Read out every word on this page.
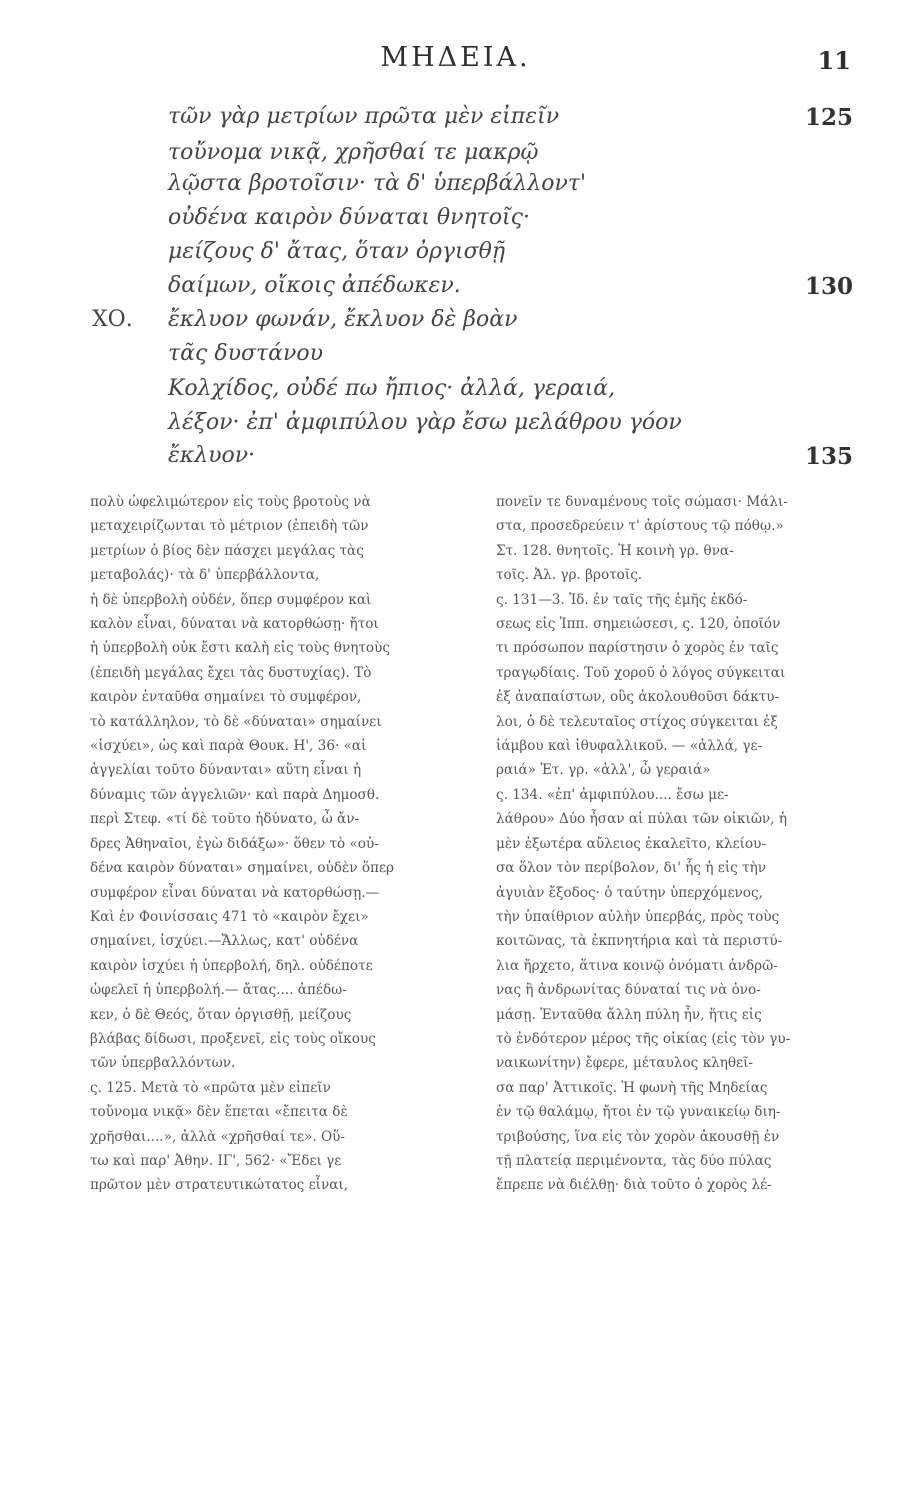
ΜΗΔΕΙΑ.	11
τῶν γὰρ μετρίων πρῶτα μὲν εἰπεῖν
τοὔνομα νικᾷ, χρῆσθαί τε μακρῷ
λῷστα βροτοῖσιν· τὰ δ' ὑπερβάλλοντ'
οὐδένα καιρὸν δύναται θνητοῖς·
μείζους δ' ἄτας, ὅταν ὀργισθῇ
δαίμων, οἴκοις ἀπέδωκεν.
ΧΟ. ἔκλυον φωνάν, ἔκλυον δὲ βοὰν
τᾶς δυστάνου
Κολχίδος, οὐδέ πω ἤπιος· ἀλλά, γεραιά,
λέξον· ἐπ' ἀμφιπύλου γὰρ ἔσω μελάθρου γόον
ἔκλυον·
125
130
135
πολὺ ὠφελιμώτερον εἰς τοὺς βροτοὺς νὰ
μεταχειρίζωνται τὸ μέτριον (ἐπειδὴ τῶν
μετρίων ὁ βίος δὲν πάσχει μεγάλας τὰς
μεταβολάς)· τὰ δ' ὑπερβάλλοντα,
ἡ δὲ ὑπερβολὴ οὐδέν, ὅπερ συμφέρον καὶ
καλὸν εἶναι, δύναται νὰ κατορθώσῃ· ἤτοι
ἡ ὑπερβολὴ οὐκ ἔστι καλὴ εἰς τοὺς θνητοὺς
(ἐπειδὴ μεγάλας ἔχει τὰς δυστυχίας). Τὸ
καιρὸν ἐνταῦθα σημαίνει τὸ συμφέρον,
τὸ κατάλληλον, τὸ δὲ «δύναται» σημαίνει
«ἰσχύει», ὡς καὶ παρὰ Θουκ. Η', 36· «αἱ
ἀγγελίαι τοῦτο δύνανται» αὕτη εἶναι ἡ
δύναμις τῶν ἀγγελιῶν· καὶ παρὰ Δημοσθ.
περὶ Στεφ. «τί δὲ τοῦτο ἠδύνατο, ὦ ἄν-
δρες Ἀθηναῖοι, ἐγὼ διδάξω»· ὅθεν τὸ «οὐ-
δένα καιρὸν δύναται» σημαίνει, οὐδὲν ὅπερ
συμφέρον εἶναι δύναται νὰ κατορθώσῃ.—
Καὶ ἐν Φοινίσσαις 471 τὸ «καιρὸν ἔχει»
σημαίνει, ἰσχύει.—Ἄλλως, κατ' οὐδένα
καιρὸν ἰσχύει ἡ ὑπερβολή, δηλ. οὐδέποτε
ὠφελεῖ ἡ ὑπερβολή.— ἄτας.... ἀπέδω-
κεν, ὁ δὲ Θεός, ὅταν ὀργισθῇ, μείζους
βλάβας δίδωσι, προξενεῖ, εἰς τοὺς οἴκους
τῶν ὑπερβαλλόντων.
ς. 125. Μετὰ τὸ «πρῶτα μὲν εἰπεῖν
τοὔνομα νικᾷ» δὲν ἕπεται «ἔπειτα δὲ
χρῆσθαι....», ἀλλὰ «χρῆσθαί τε». Οὕ-
τω καὶ παρ' Ἀθην. ΙΓ', 562· «Ἔδει γε
πρῶτον μὲν στρατευτικώτατος εἶναι,
πονεῖν τε δυναμένους τοῖς σώμασι· Μάλι-
στα, προσεδρεύειν τ' ἀρίστους τῷ πόθῳ.»
Στ. 128. θνητοῖς. Ἡ κοινὴ γρ. θνα-
τοῖς. Ἀλ. γρ. βροτοῖς.
ς. 131—3. Ἰδ. ἐν ταῖς τῆς ἐμῆς ἐκδό-
σεως εἰς Ἱππ. σημειώσεσι, ς. 120, ὁποῖόν
τι πρόσωπον παρίστησιν ὁ χορὸς ἐν ταῖς
τραγῳδίαις. Τοῦ χοροῦ ὁ λόγος σύγκειται
ἐξ ἀναπαίστων, οὓς ἀκολουθοῦσι δάκτυ-
λοι, ὁ δὲ τελευταῖος στίχος σύγκειται ἐξ
ἰάμβου καὶ ἰθυφαλλικοῦ. — «ἀλλά, γε-
ραιά» Ἐτ. γρ. «ἀλλ', ὦ γεραιά»
ς. 134. «ἐπ' ἀμφιπύλου.... ἔσω με-
λάθρου» Δύο ἦσαν αἱ πύλαι τῶν οἰκιῶν, ἡ
μὲν ἐξωτέρα αὔλειος ἐκαλεῖτο, κλείου-
σα ὅλον τὸν περίβολον, δι' ἧς ἡ εἰς τὴν
ἀγυιὰν ἔξοδος· ὁ ταύτην ὑπερχόμενος,
τὴν ὑπαίθριον αὐλὴν ὑπερβάς, πρὸς τοὺς
κοιτῶνας, τὰ ἐκπνητήρια καὶ τὰ περιστύ-
λια ἤρχετο, ἅτινα κοινῷ ὀνόματι ἀνδρῶ-
νας ἢ ἀνδρωνίτας δύναταί τις νὰ ὀνο-
μάσῃ. Ἐνταῦθα ἄλλη πύλη ἦν, ἥτις εἰς
τὸ ἐνδότερον μέρος τῆς οἰκίας (εἰς τὸν γυ-
ναικωνίτην) ἔφερε, μέταυλος κληθεῖ-
σα παρ' Ἀττικοῖς. Ἡ φωνὴ τῆς Μηδείας
ἐν τῷ θαλάμῳ, ἤτοι ἐν τῷ γυναικείῳ διη-
τριβούσης, ἵνα εἰς τὸν χορὸν ἀκουσθῇ ἐν
τῇ πλατείᾳ περιμένοντα, τὰς δύο πύλας
ἔπρεπε νὰ διέλθῃ· διὰ τοῦτο ὁ χορὸς λέ-
